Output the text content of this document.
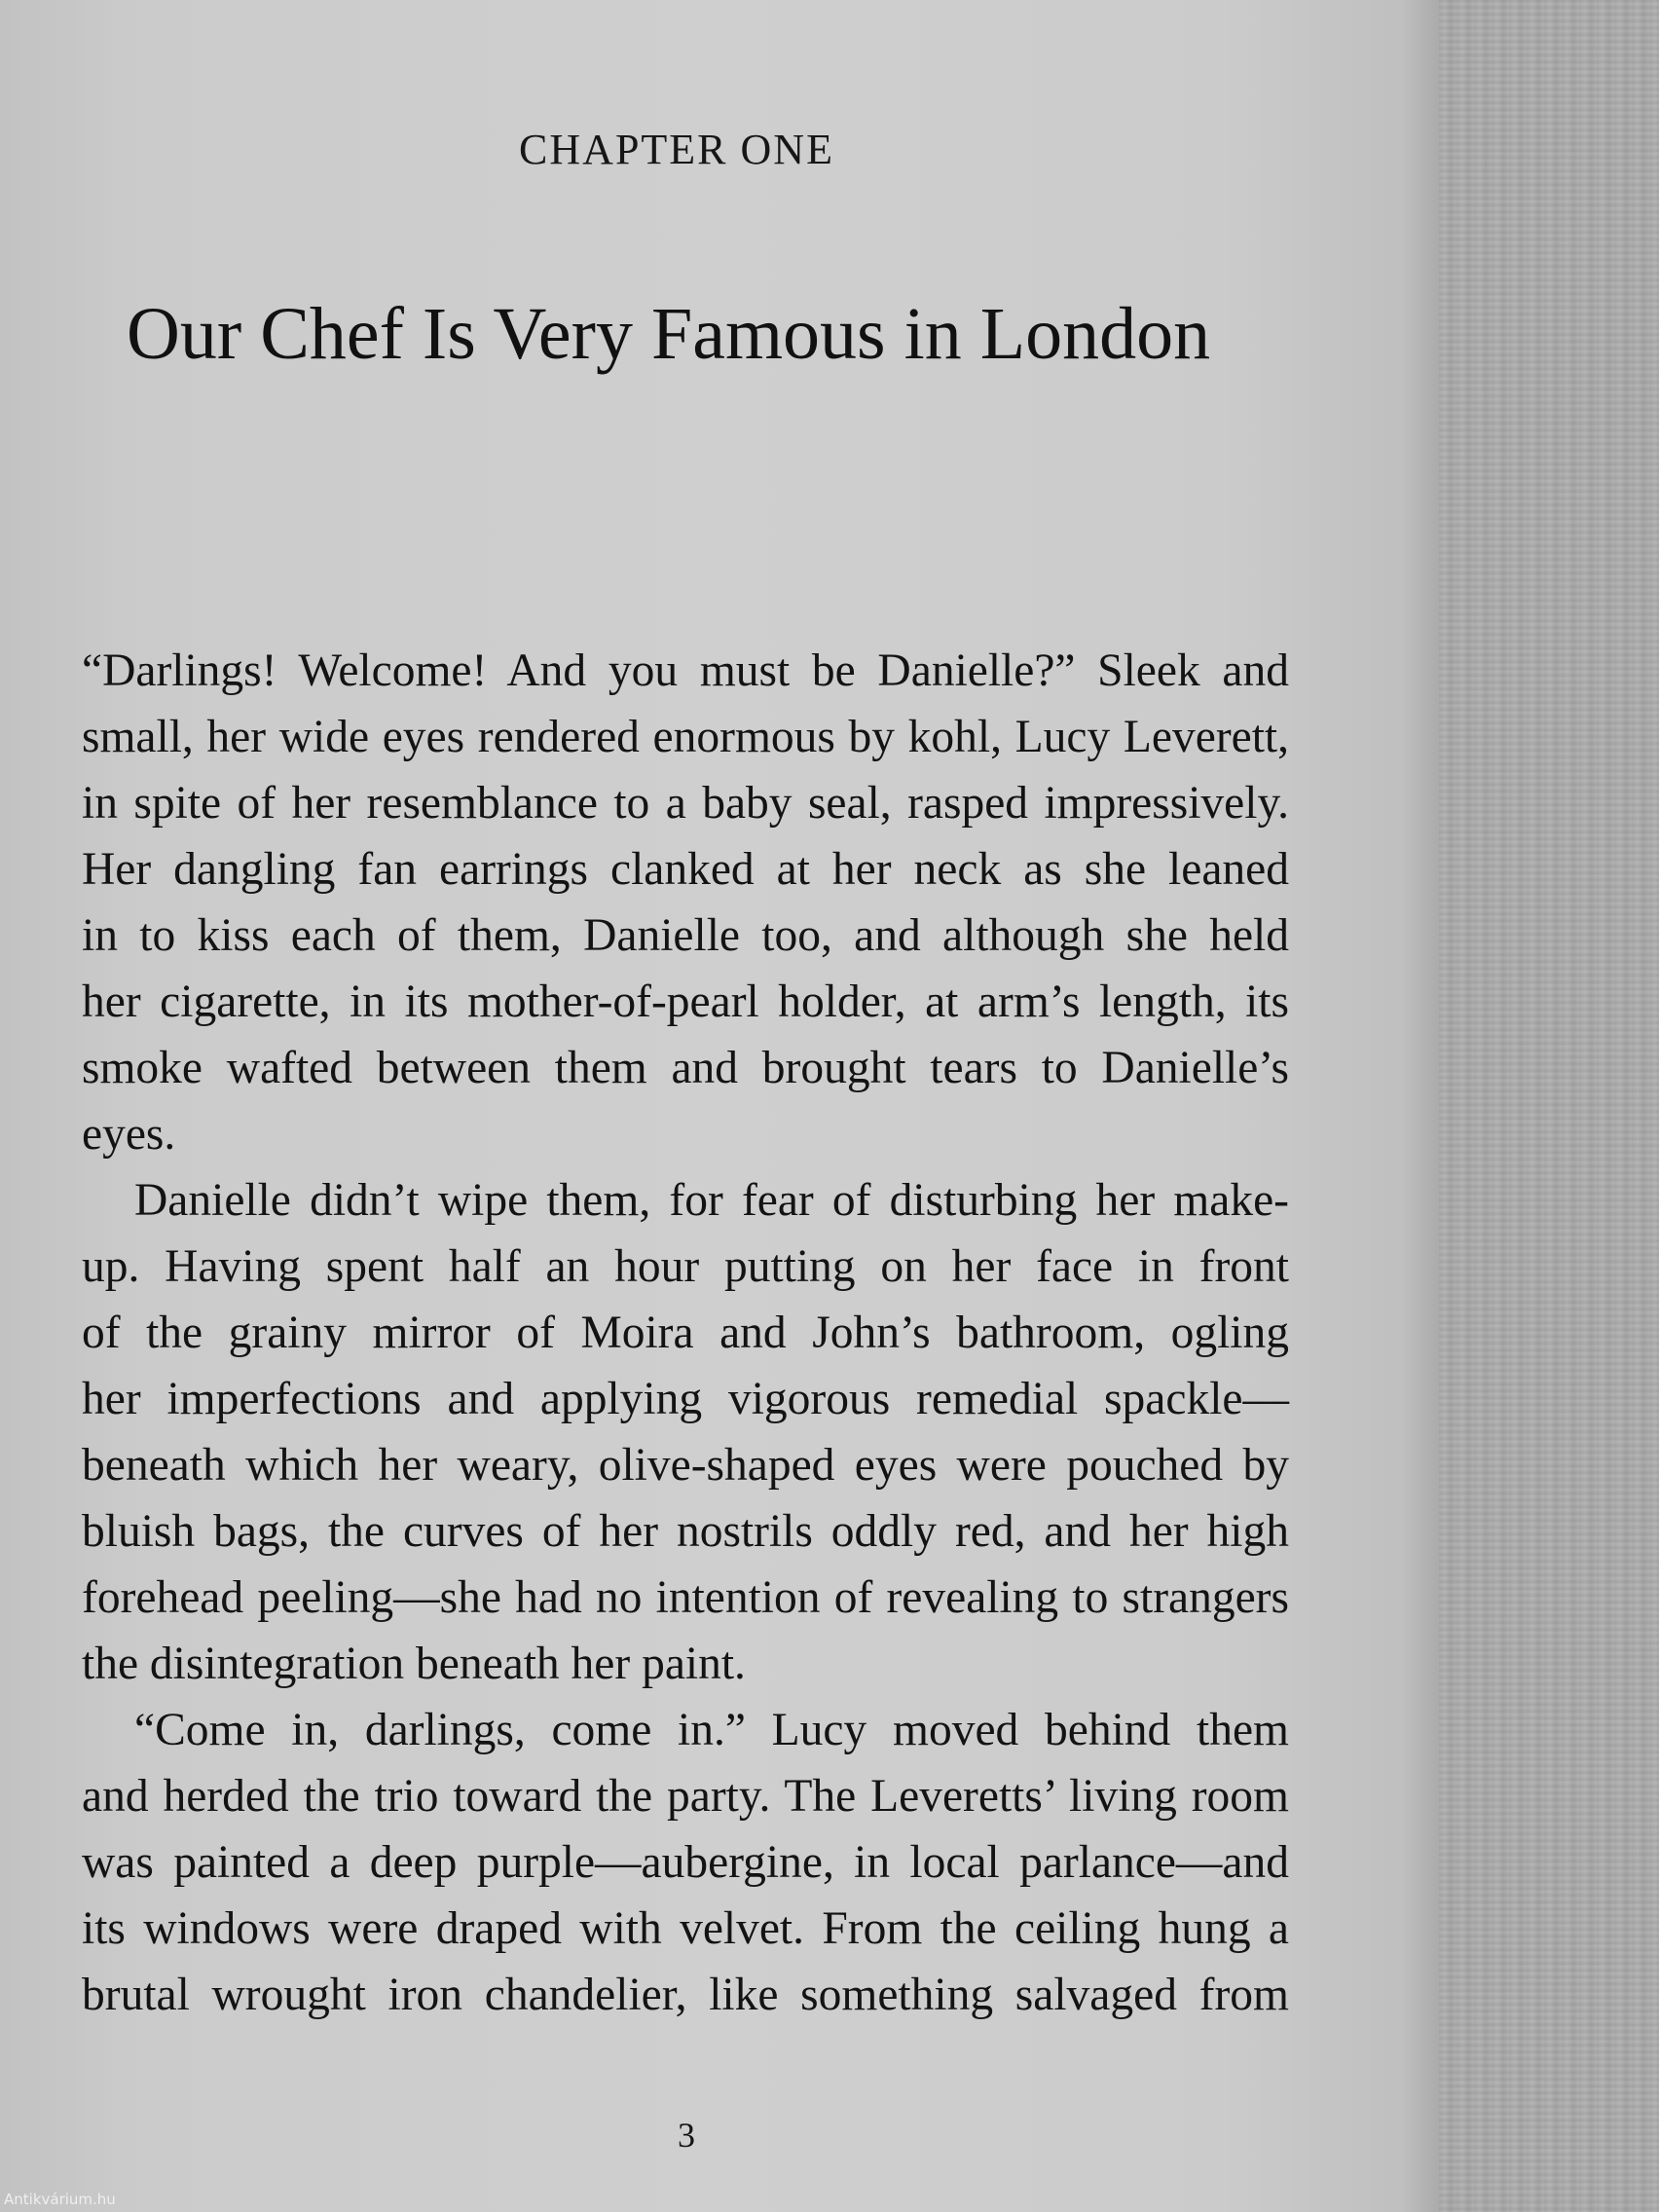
CHAPTER ONE
Our Chef Is Very Famous in London
“Darlings! Welcome! And you must be Danielle?” Sleek and
small, her wide eyes rendered enormous by kohl, Lucy Leverett,
in spite of her resemblance to a baby seal, rasped impressively.
Her dangling fan earrings clanked at her neck as she leaned
in to kiss each of them, Danielle too, and although she held
her cigarette, in its mother-of-pearl holder, at arm’s length, its
smoke wafted between them and brought tears to Danielle’s
eyes.
Danielle didn’t wipe them, for fear of disturbing her make-
up. Having spent half an hour putting on her face in front
of the grainy mirror of Moira and John’s bathroom, ogling
her imperfections and applying vigorous remedial spackle—
beneath which her weary, olive-shaped eyes were pouched by
bluish bags, the curves of her nostrils oddly red, and her high
forehead peeling—she had no intention of revealing to strangers
the disintegration beneath her paint.
“Come in, darlings, come in.” Lucy moved behind them
and herded the trio toward the party. The Leveretts’ living room
was painted a deep purple—aubergine, in local parlance—and
its windows were draped with velvet. From the ceiling hung a
brutal wrought iron chandelier, like something salvaged from
3
Antikvárium.hu
